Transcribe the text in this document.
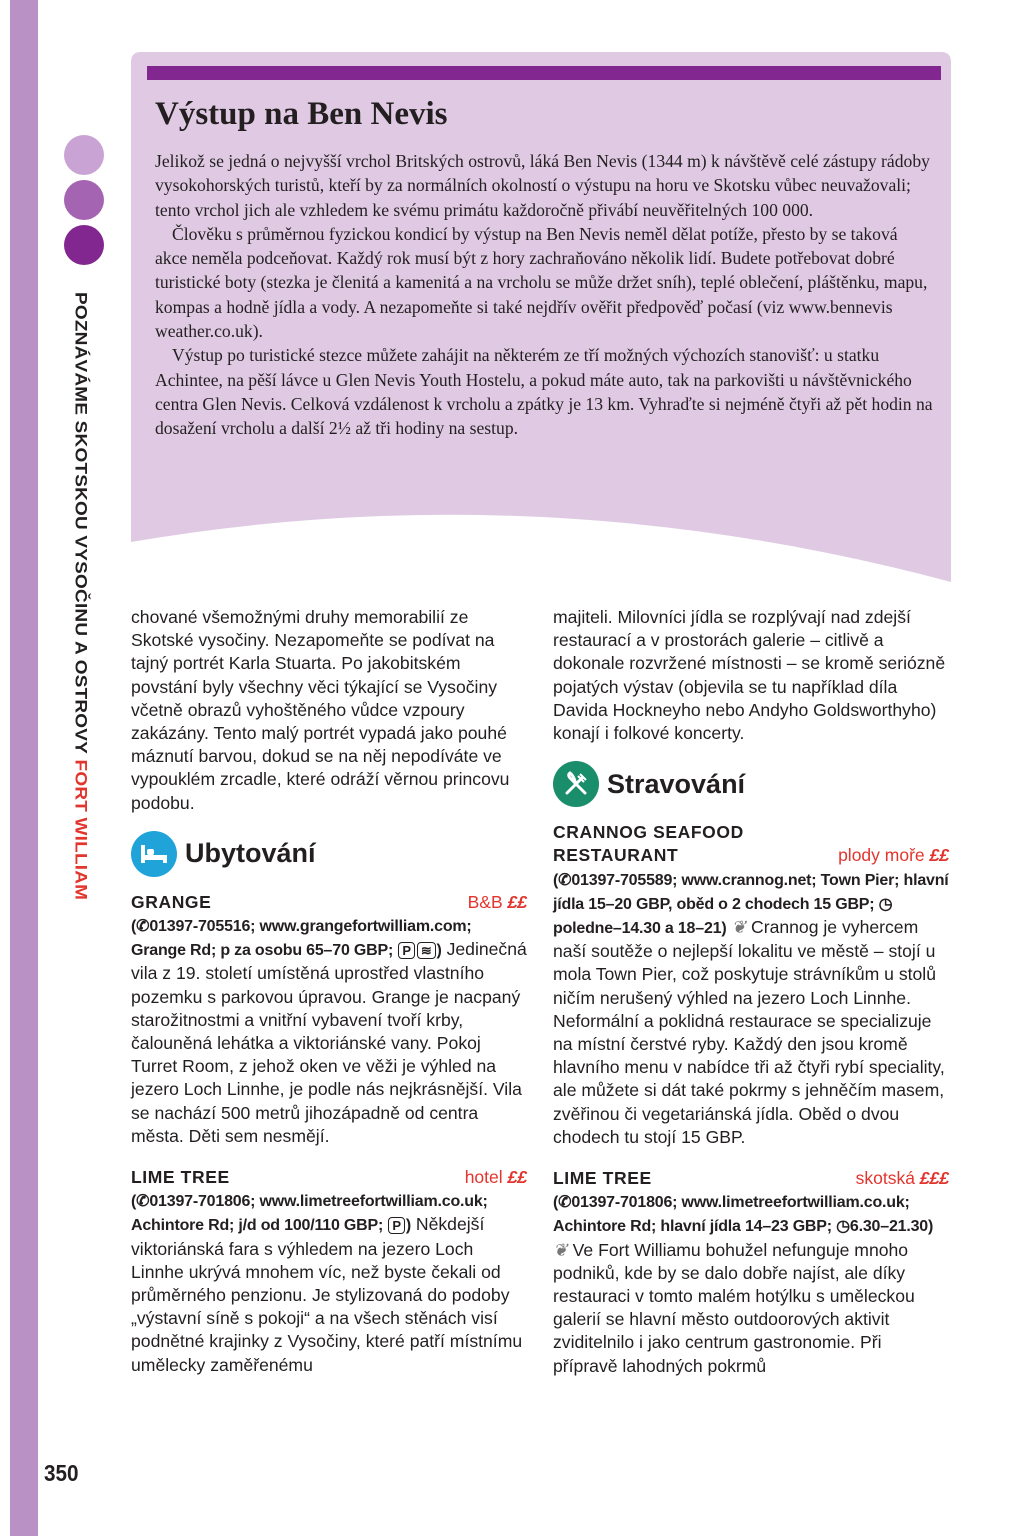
POZNÁVÁME SKOTSKOU VYSOČINU A OSTROVY FORT WILLIAM
350
Výstup na Ben Nevis

Jelikož se jedná o nejvyšší vrchol Britských ostrovů, láká Ben Nevis (1344 m) k návštěvě celé zástupy rádoby vysokohorských turistů, kteří by za normálních okolností o výstupu na horu ve Skotsku vůbec neuvažovali; tento vrchol jich ale vzhledem ke svému primátu každoročně přivábí neuvěřitelných 100 000.

Člověku s průměrnou fyzickou kondicí by výstup na Ben Nevis neměl dělat potíže, přesto by se taková akce neměla podceňovat. Každý rok musí být z hory zachraňováno několik lidí. Budete potřebovat dobré turistické boty (stezka je členitá a kamenitá a na vrcholu se může držet sníh), teplé oblečení, pláštěnku, mapu, kompas a hodně jídla a vody. A nezapomeňte si také nejdřív ověřit předpověď počasí (viz www.bennevis weather.co.uk).

Výstup po turistické stezce můžete zahájit na některém ze tří možných výchozích stanovišť: u statku Achintee, na pěší lávce u Glen Nevis Youth Hostelu, a pokud máte auto, tak na parkovišti u návštěvnického centra Glen Nevis. Celková vzdálenost k vrcholu a zpátky je 13 km. Vyhraďte si nejméně čtyři až pět hodin na dosažení vrcholu a další 2½ až tři hodiny na sestup.

chované všemožnými druhy memorabilií ze Skotské vysočiny. Nezapomeňte se podívat na tajný portrét Karla Stuarta. Po jakobitském povstání byly všechny věci týkající se Vysočiny včetně obrazů vyhoštěného vůdce vzpoury zakázány. Tento malý portrét vypadá jako pouhé máznutí barvou, dokud se na něj nepodíváte ve vypouklém zrcadle, které odráží věrnou princovu podobu.

Ubytování
GRANGE	B&B ££

(✆01397-705516; www.grangefortwilliam.com; Grange Rd; p za osobu 65–70 GBP; P ≋ ) Jedinečná vila z 19. století umístěná uprostřed vlastního pozemku s parkovou úpravou. Grange je nacpaný starožitnostmi a vnitřní vybavení tvoří krby, čalouněná lehátka a viktoriánské vany. Pokoj Turret Room, z jehož oken ve věži je výhled na jezero Loch Linnhe, je podle nás nejkrásnější. Vila se nachází 500 metrů jihozápadně od centra města. Děti sem nesmějí.

LIME TREE	hotel ££

(✆01397-701806; www.limetreefortwilliam.co.uk; Achintore Rd; j/d od 100/110 GBP; P ) Někdejší viktoriánská fara s výhledem na jezero Loch Linnhe ukrývá mnohem víc, než byste čekali od průměrného penzionu. Je stylizovaná do podoby „výstavní síně s pokoji“ a na všech stěnách visí podnětné krajinky z Vysočiny, které patří místnímu umělecky zaměřenému

majiteli. Milovníci jídla se rozplývají nad zdejší restaurací a v prostorách galerie – citlivě a dokonale rozvržené místnosti – se kromě seriózně pojatých výstav (objevila se tu například díla Davida Hockneyho nebo Andyho Goldsworthyho) konají i folkové koncerty.

Stravování
CRANNOG SEAFOOD
RESTAURANT	plody moře ££

(✆01397-705589; www.crannog.net; Town Pier; hlavní jídla 15–20 GBP, oběd o 2 chodech 15 GBP; ◷poledne–14.30 a 18–21) ❦ Crannog je vyhercem naší soutěže o nejlepší lokalitu ve městě – stojí u mola Town Pier, což poskytuje strávníkům u stolů ničím nerušený výhled na jezero Loch Linnhe. Neformální a poklidná restaurace se specializuje na místní čerstvé ryby. Každý den jsou kromě hlavního menu v nabídce tři až čtyři rybí speciality, ale můžete si dát také pokrmy s jehněčím masem, zvěřinou či vegetariánská jídla. Oběd o dvou chodech tu stojí 15 GBP.

LIME TREE	skotská £££

(✆01397-701806; www.limetreefortwilliam.co.uk; Achintore Rd; hlavní jídla 14–23 GBP; ◷6.30–21.30) ❦ Ve Fort Williamu bohužel nefunguje mnoho podniků, kde by se dalo dobře najíst, ale díky restauraci v tomto malém hotýlku s uměleckou galerií se hlavní město outdoorových aktivit zviditelnilo i jako centrum gastronomie. Při přípravě lahodných pokrmů
